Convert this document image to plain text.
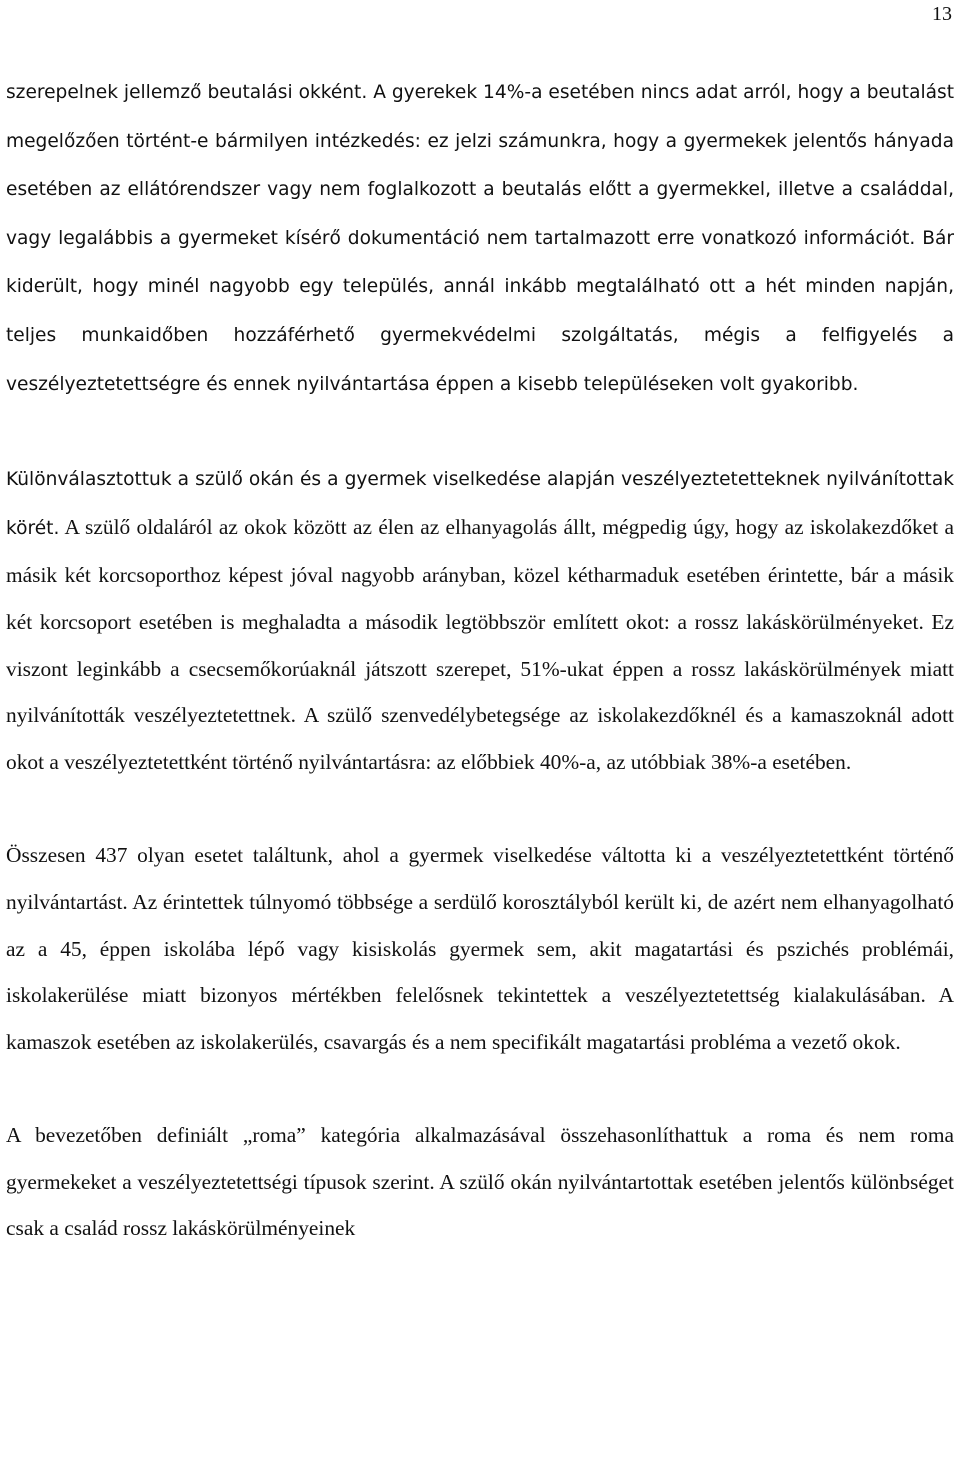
13

szerepelnek jellemző beutalási okként. A gyerekek 14%-a esetében nincs adat arról, hogy a beutalást megelőzően történt-e bármilyen intézkedés: ez jelzi számunkra, hogy a gyermekek jelentős hányada esetében az ellátórendszer vagy nem foglalkozott a beutalás előtt a gyermekkel, illetve a családdal, vagy legalábbis a gyermeket kísérő dokumentáció nem tartalmazott erre vonatkozó információt. Bár kiderült, hogy minél nagyobb egy település, annál inkább megtalálható ott a hét minden napján, teljes munkaidőben hozzáférhető gyermekvédelmi szolgáltatás, mégis a felfigyelés a veszélyeztetettségre és ennek nyilvántartása éppen a kisebb településeken volt gyakoribb.

Különválasztottuk a szülő okán és a gyermek viselkedése alapján veszélyeztetetteknek nyilvánítottak körét. A szülő oldaláról az okok között az élen az elhanyagolás állt, mégpedig úgy, hogy az iskolakezdőket a másik két korcsoporthoz képest jóval nagyobb arányban, közel kétharmaduk esetében érintette, bár a másik két korcsoport esetében is meghaladta a második legtöbbször említett okot: a rossz lakáskörülményeket. Ez viszont leginkább a csecsemőkorúaknál játszott szerepet, 51%-ukat éppen a rossz lakáskörülmények miatt nyilvánították veszélyeztetettnek. A szülő szenvedélybetegsége az iskolakezdőknél és a kamaszoknál adott okot a veszélyeztetettként történő nyilvántartásra: az előbbiek 40%-a, az utóbbiak 38%-a esetében.

Összesen 437 olyan esetet találtunk, ahol a gyermek viselkedése váltotta ki a veszélyeztetettként történő nyilvántartást. Az érintettek túlnyomó többsége a serdülő korosztályból került ki, de azért nem elhanyagolható az a 45, éppen iskolába lépő vagy kisiskolás gyermek sem, akit magatartási és pszichés problémái, iskolakerülése miatt bizonyos mértékben felelősnek tekintettek a veszélyeztetettség kialakulásában. A kamaszok esetében az iskolakerülés, csavargás és a nem specifikált magatartási probléma a vezető okok.

A bevezetőben definiált „roma” kategória alkalmazásával összehasonlíthattuk a roma és nem roma gyermekeket a veszélyeztetettségi típusok szerint. A szülő okán nyilvántartottak esetében jelentős különbséget csak a család rossz lakáskörülményeinek
